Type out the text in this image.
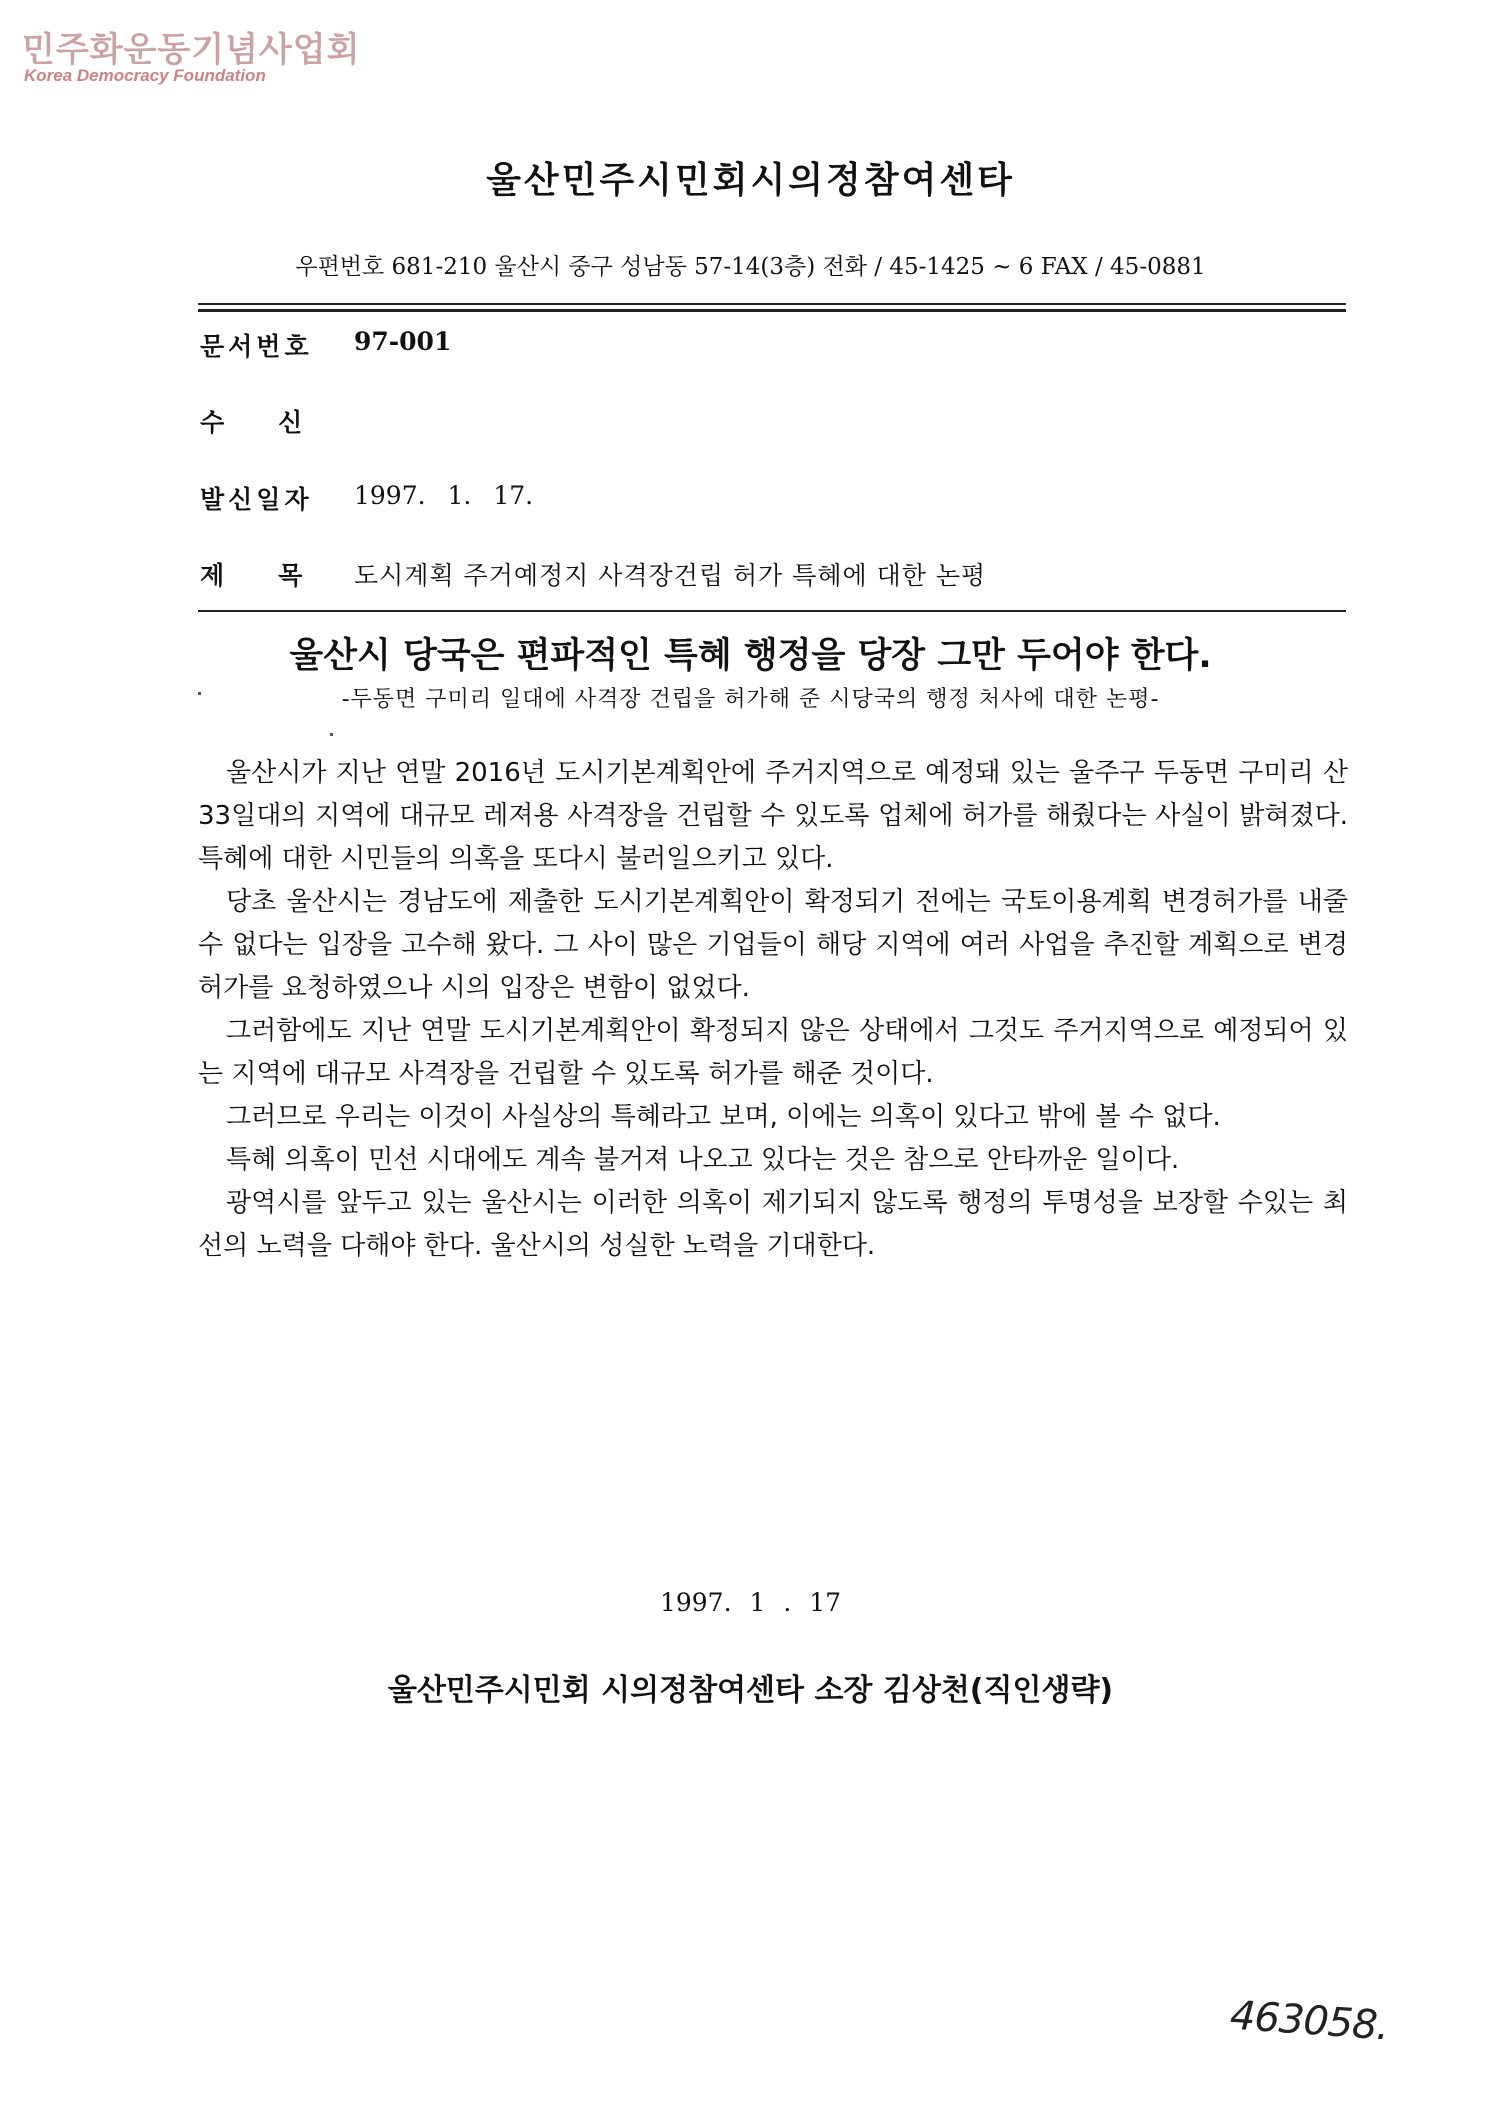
민주화운동기념사업회
Korea Democracy Foundation
울산민주시민회시의정참여센타
우편번호 681-210 울산시 중구 성남동 57-14(3층) 전화 / 45-1425 ~ 6 FAX / 45-0881
문서번호 97-001
수 신
발신일자 1997. 1. 17.
제 목 도시계획 주거예정지 사격장건립 허가 특혜에 대한 논평
울산시 당국은 편파적인 특혜 행정을 당장 그만 두어야 한다.
-두동면 구미리 일대에 사격장 건립을 허가해 준 시당국의 행정 처사에 대한 논평-

울산시가 지난 연말 2016년 도시기본계획안에 주거지역으로 예정돼 있는 울주구 두동면 구미리 산 33일대의 지역에 대규모 레져용 사격장을 건립할 수 있도록 업체에 허가를 해줬다는 사실이 밝혀졌다. 특혜에 대한 시민들의 의혹을 또다시 불러일으키고 있다.

당초 울산시는 경남도에 제출한 도시기본계획안이 확정되기 전에는 국토이용계획 변경허가를 내줄 수 없다는 입장을 고수해 왔다. 그 사이 많은 기업들이 해당 지역에 여러 사업을 추진할 계획으로 변경 허가를 요청하였으나 시의 입장은 변함이 없었다.

그러함에도 지난 연말 도시기본계획안이 확정되지 않은 상태에서 그것도 주거지역으로 예정되어 있는 지역에 대규모 사격장을 건립할 수 있도록 허가를 해준 것이다.

그러므로 우리는 이것이 사실상의 특혜라고 보며, 이에는 의혹이 있다고 밖에 볼 수 없다.

특혜 의혹이 민선 시대에도 계속 불거져 나오고 있다는 것은 참으로 안타까운 일이다.

광역시를 앞두고 있는 울산시는 이러한 의혹이 제기되지 않도록 행정의 투명성을 보장할 수있는 최선의 노력을 다해야 한다. 울산시의 성실한 노력을 기대한다.

1997. 1 . 17
울산민주시민회 시의정참여센타 소장 김상천(직인생략)
463058.
